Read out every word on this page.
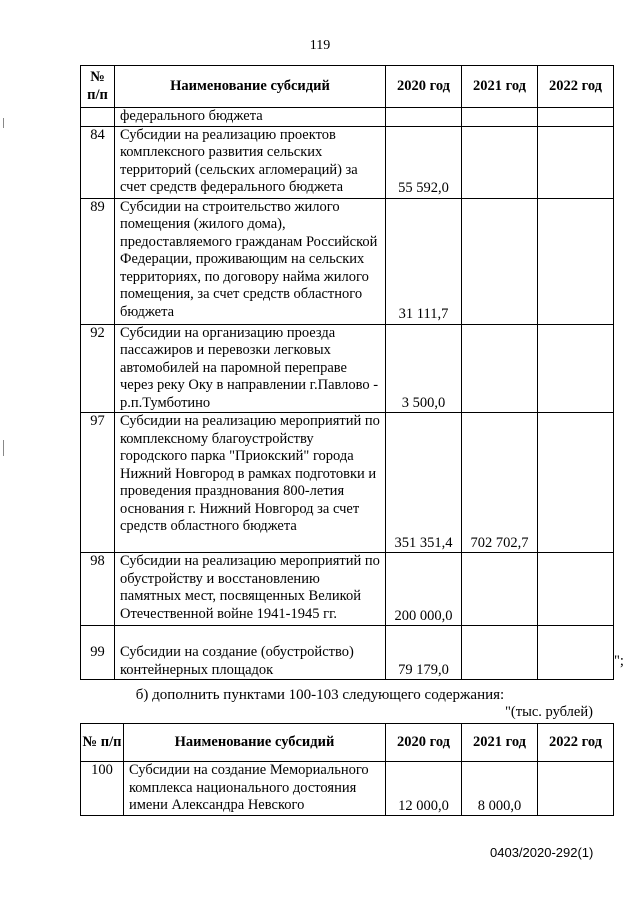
119
№
п/п	Наименование субсидий	2020 год	2021 год	2022 год
	федерального бюджета			
84	Субсидии на реализацию проектов комплексного развития сельских территорий (сельских агломераций) за счет средств федерального бюджета	55 592,0		
89	Субсидии на строительство жилого помещения (жилого дома), предоставляемого гражданам Российской Федерации, проживающим на сельских территориях, по договору найма жилого помещения, за счет средств областного бюджета	31 111,7		
92	Субсидии на организацию проезда пассажиров и перевозки легковых автомобилей на паромной переправе через реку Оку в направлении г.Павлово - р.п.Тумботино	3 500,0		
97	Субсидии на реализацию мероприятий по комплексному благоустройству городского парка "Приокский" города Нижний Новгород в рамках подготовки и проведения празднования 800-летия основания г. Нижний Новгород за счет средств областного бюджета	351 351,4	702 702,7	
98	Субсидии на реализацию мероприятий по обустройству и восстановлению памятных мест, посвященных Великой Отечественной войне 1941-1945 гг.	200 000,0		
99	Субсидии на создание (обустройство) контейнерных площадок	79 179,0		
";
б) дополнить пунктами 100-103 следующего содержания:
"(тыс. рублей)
№ п/п	Наименование субсидий	2020 год	2021 год	2022 год
100	Субсидии на создание Мемориального комплекса национального достояния имени Александра Невского	12 000,0	8 000,0	
0403/2020-292(1)
